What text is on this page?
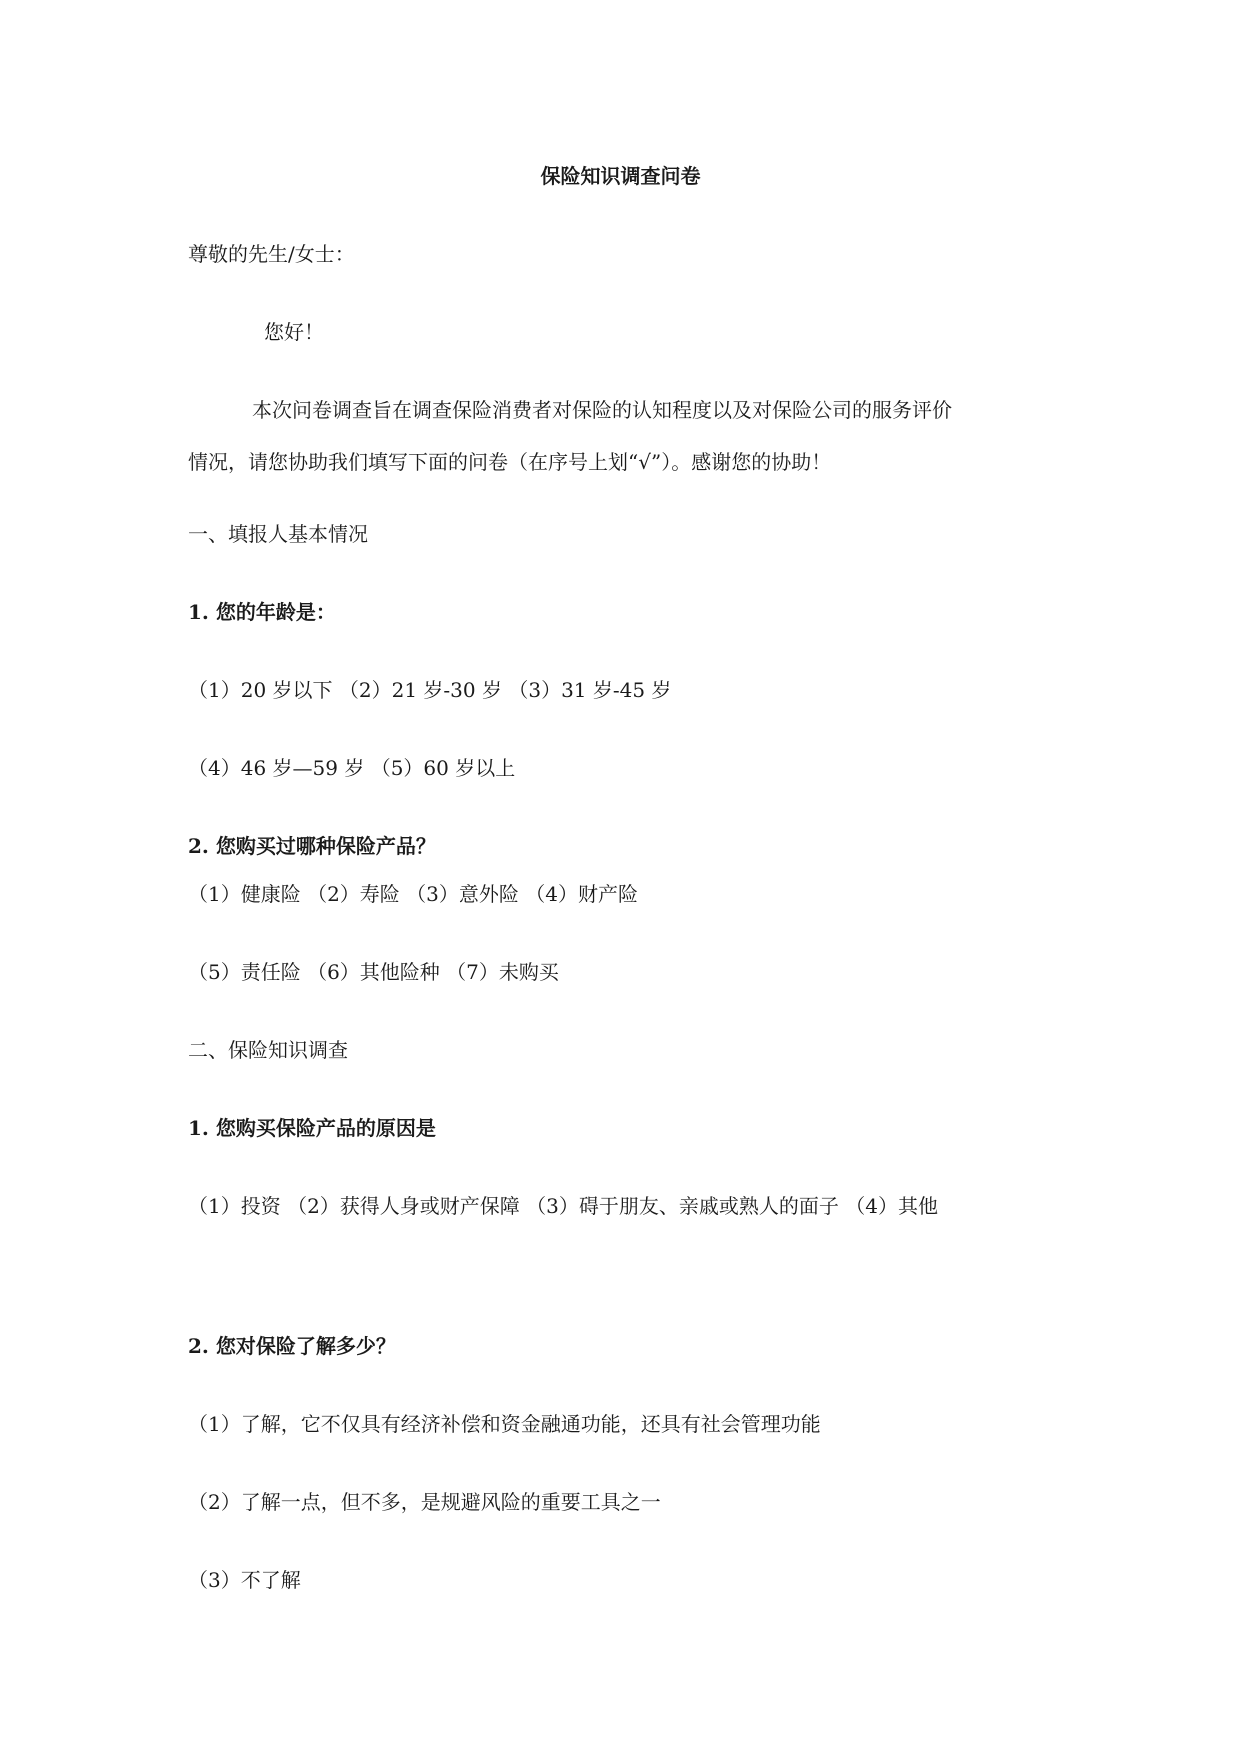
保险知识调查问卷
尊敬的先生/女士：
您好！
本次问卷调查旨在调查保险消费者对保险的认知程度以及对保险公司的服务评价
情况，请您协助我们填写下面的问卷（在序号上划“√”）。感谢您的协助！
一、填报人基本情况
1. 您的年龄是：
（1）20 岁以下 （2）21 岁-30 岁 （3）31 岁-45 岁
（4）46 岁—59 岁 （5）60 岁以上
2. 您购买过哪种保险产品？
（1）健康险 （2）寿险 （3）意外险 （4）财产险
（5）责任险 （6）其他险种 （7）未购买
二、保险知识调查
1. 您购买保险产品的原因是
（1）投资 （2）获得人身或财产保障 （3）碍于朋友、亲戚或熟人的面子 （4）其他
2. 您对保险了解多少？
（1）了解，它不仅具有经济补偿和资金融通功能，还具有社会管理功能
（2）了解一点，但不多，是规避风险的重要工具之一
（3）不了解
